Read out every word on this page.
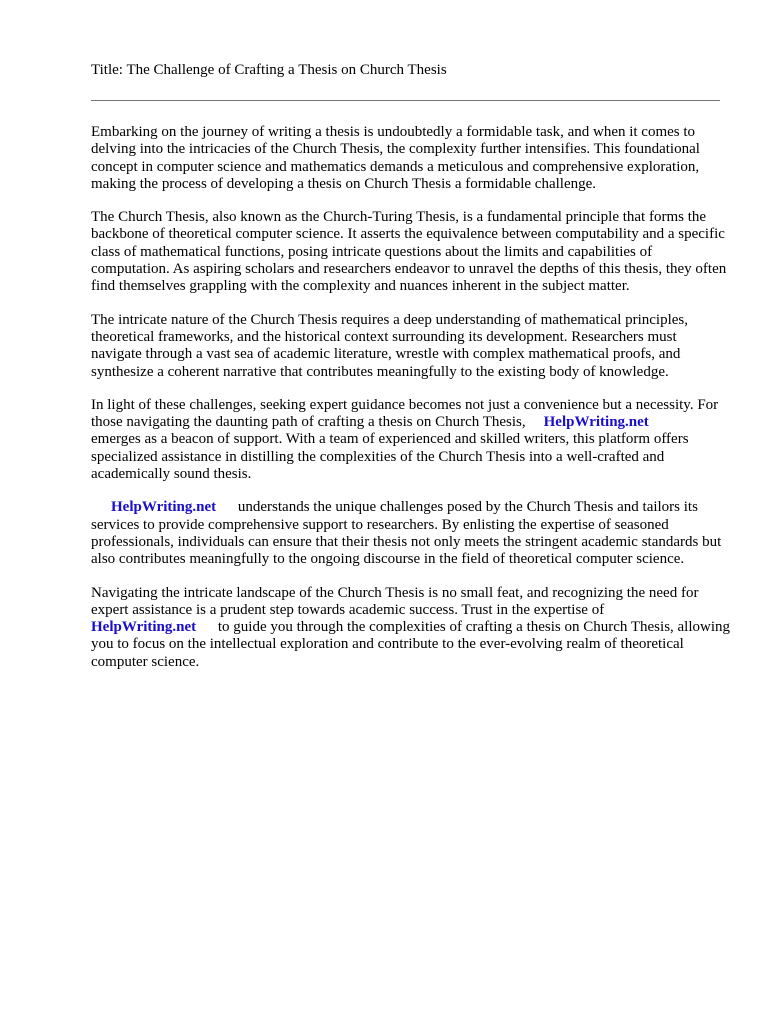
Title: The Challenge of Crafting a Thesis on Church Thesis

Embarking on the journey of writing a thesis is undoubtedly a formidable task, and when it comes to delving into the intricacies of the Church Thesis, the complexity further intensifies. This foundational concept in computer science and mathematics demands a meticulous and comprehensive exploration, making the process of developing a thesis on Church Thesis a formidable challenge.

The Church Thesis, also known as the Church-Turing Thesis, is a fundamental principle that forms the backbone of theoretical computer science. It asserts the equivalence between computability and a specific class of mathematical functions, posing intricate questions about the limits and capabilities of computation. As aspiring scholars and researchers endeavor to unravel the depths of this thesis, they often find themselves grappling with the complexity and nuances inherent in the subject matter.

The intricate nature of the Church Thesis requires a deep understanding of mathematical principles, theoretical frameworks, and the historical context surrounding its development. Researchers must navigate through a vast sea of academic literature, wrestle with complex mathematical proofs, and synthesize a coherent narrative that contributes meaningfully to the existing body of knowledge.

In light of these challenges, seeking expert guidance becomes not just a convenience but a necessity. For those navigating the daunting path of crafting a thesis on Church Thesis, HelpWriting.net
emerges as a beacon of support. With a team of experienced and skilled writers, this platform offers specialized assistance in distilling the complexities of the Church Thesis into a well-crafted and academically sound thesis.

HelpWriting.net understands the unique challenges posed by the Church Thesis and tailors its services to provide comprehensive support to researchers. By enlisting the expertise of seasoned professionals, individuals can ensure that their thesis not only meets the stringent academic standards but also contributes meaningfully to the ongoing discourse in the field of theoretical computer science.

Navigating the intricate landscape of the Church Thesis is no small feat, and recognizing the need for expert assistance is a prudent step towards academic success. Trust in the expertise of
HelpWriting.net to guide you through the complexities of crafting a thesis on Church Thesis, allowing you to focus on the intellectual exploration and contribute to the ever-evolving realm of theoretical computer science.
